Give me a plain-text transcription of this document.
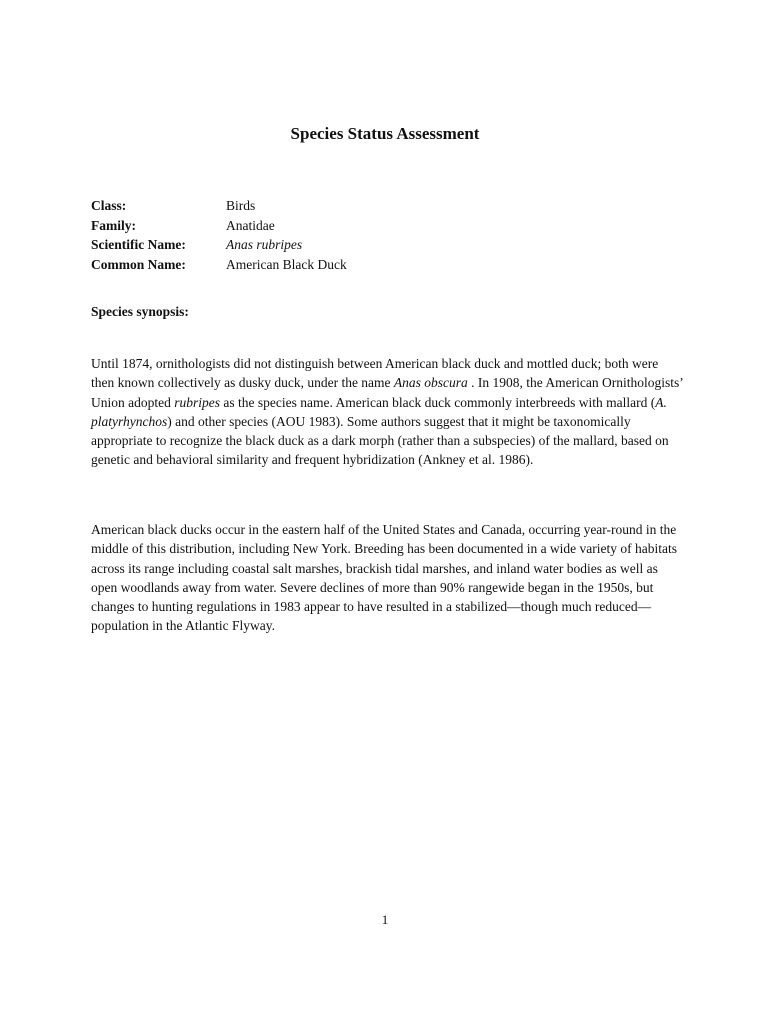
Species Status Assessment
Class:	Birds
Family:	Anatidae
Scientific Name:	Anas rubripes
Common Name:	American Black Duck
Species synopsis:

Until 1874, ornithologists did not distinguish between American black duck and mottled duck; both were then known collectively as dusky duck, under the name Anas obscura . In 1908, the American Ornithologists’ Union adopted rubripes as the species name. American black duck commonly interbreeds with mallard (A. platyrhynchos) and other species (AOU 1983). Some authors suggest that it might be taxonomically appropriate to recognize the black duck as a dark morph (rather than a subspecies) of the mallard, based on genetic and behavioral similarity and frequent hybridization (Ankney et al. 1986).

American black ducks occur in the eastern half of the United States and Canada, occurring year-round in the middle of this distribution, including New York. Breeding has been documented in a wide variety of habitats across its range including coastal salt marshes, brackish tidal marshes, and inland water bodies as well as open woodlands away from water. Severe declines of more than 90% rangewide began in the 1950s, but changes to hunting regulations in 1983 appear to have resulted in a stabilized—though much reduced—population in the Atlantic Flyway.

1
